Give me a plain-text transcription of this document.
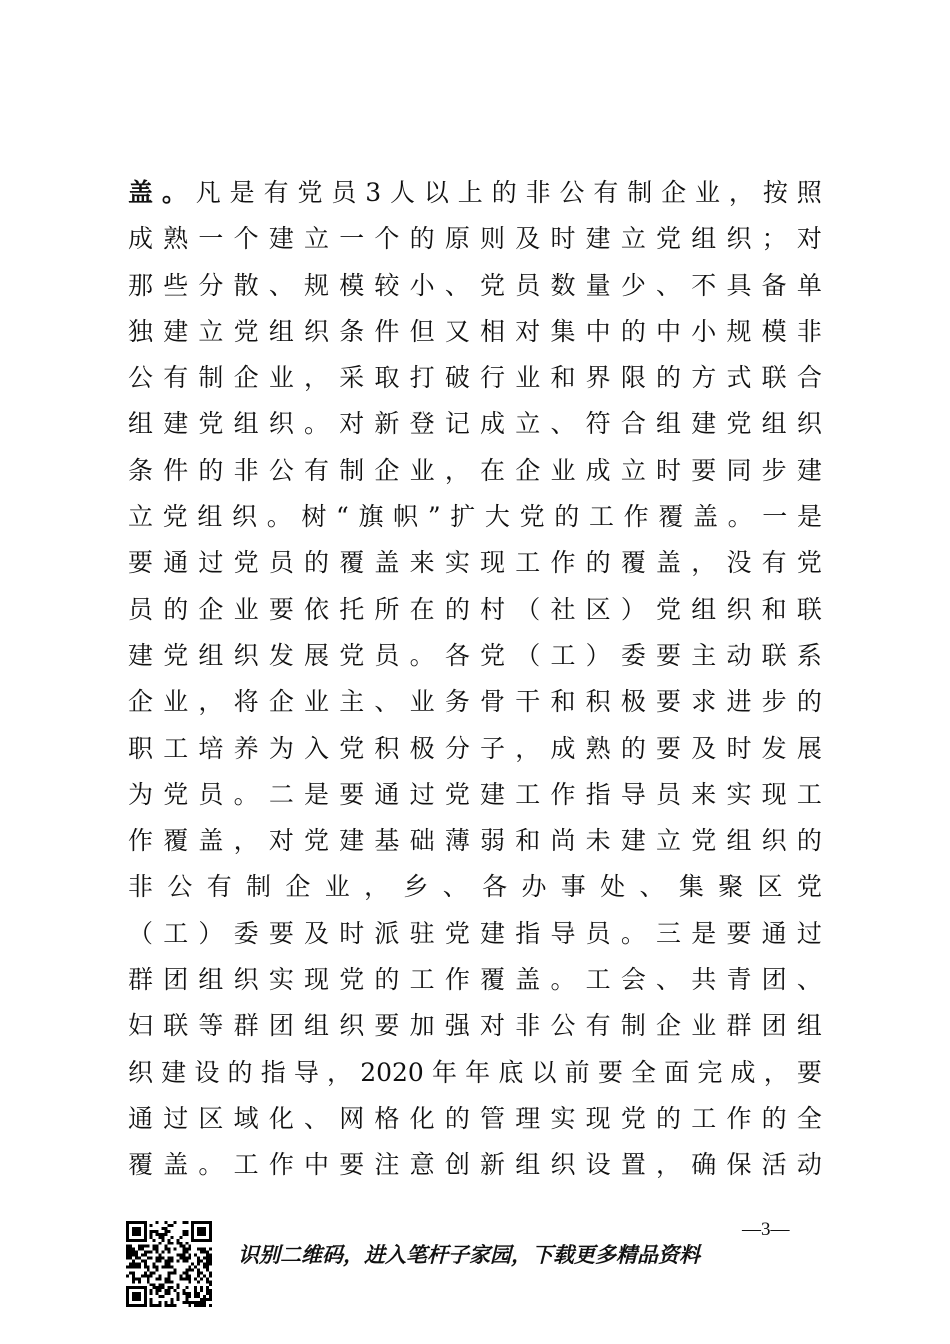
盖 。 凡 是 有 党 员 3 人 以 上 的 非 公 有 制 企 业 ， 按 照
成 熟 一 个 建 立 一 个 的 原 则 及 时 建 立 党 组 织 ； 对
那 些 分 散 、 规 模 较 小 、 党 员 数 量 少 、 不 具 备 单
独 建 立 党 组 织 条 件 但 又 相 对 集 中 的 中 小 规 模 非
公 有 制 企 业 ， 采 取 打 破 行 业 和 界 限 的 方 式 联 合
组 建 党 组 织 。 对 新 登 记 成 立 、 符 合 组 建 党 组 织
条 件 的 非 公 有 制 企 业 ， 在 企 业 成 立 时 要 同 步 建
立 党 组 织 。 树 “ 旗 帜 ” 扩 大 党 的 工 作 覆 盖 。 一 是
要 通 过 党 员 的 覆 盖 来 实 现 工 作 的 覆 盖 ， 没 有 党
员 的 企 业 要 依 托 所 在 的 村 （ 社 区 ） 党 组 织 和 联
建 党 组 织 发 展 党 员 。 各 党 （ 工 ） 委 要 主 动 联 系
企 业 ， 将 企 业 主 、 业 务 骨 干 和 积 极 要 求 进 步 的
职 工 培 养 为 入 党 积 极 分 子 ， 成 熟 的 要 及 时 发 展
为 党 员 。 二 是 要 通 过 党 建 工 作 指 导 员 来 实 现 工
作 覆 盖 ， 对 党 建 基 础 薄 弱 和 尚 未 建 立 党 组 织 的
非 公 有 制 企 业 ， 乡 、 各 办 事 处 、 集 聚 区 党
（ 工 ） 委 要 及 时 派 驻 党 建 指 导 员 。 三 是 要 通 过
群 团 组 织 实 现 党 的 工 作 覆 盖 。 工 会 、 共 青 团 、
妇 联 等 群 团 组 织 要 加 强 对 非 公 有 制 企 业 群 团 组
织 建 设 的 指 导 ， 2020 年 年 底 以 前 要 全 面 完 成 ， 要
通 过 区 域 化 、 网 格 化 的 管 理 实 现 党 的 工 作 的 全
覆 盖 。 工 作 中 要 注 意 创 新 组 织 设 置 ， 确 保 活 动
识别二维码，进入笔杆子家园，下载更多精品资料
—3—
